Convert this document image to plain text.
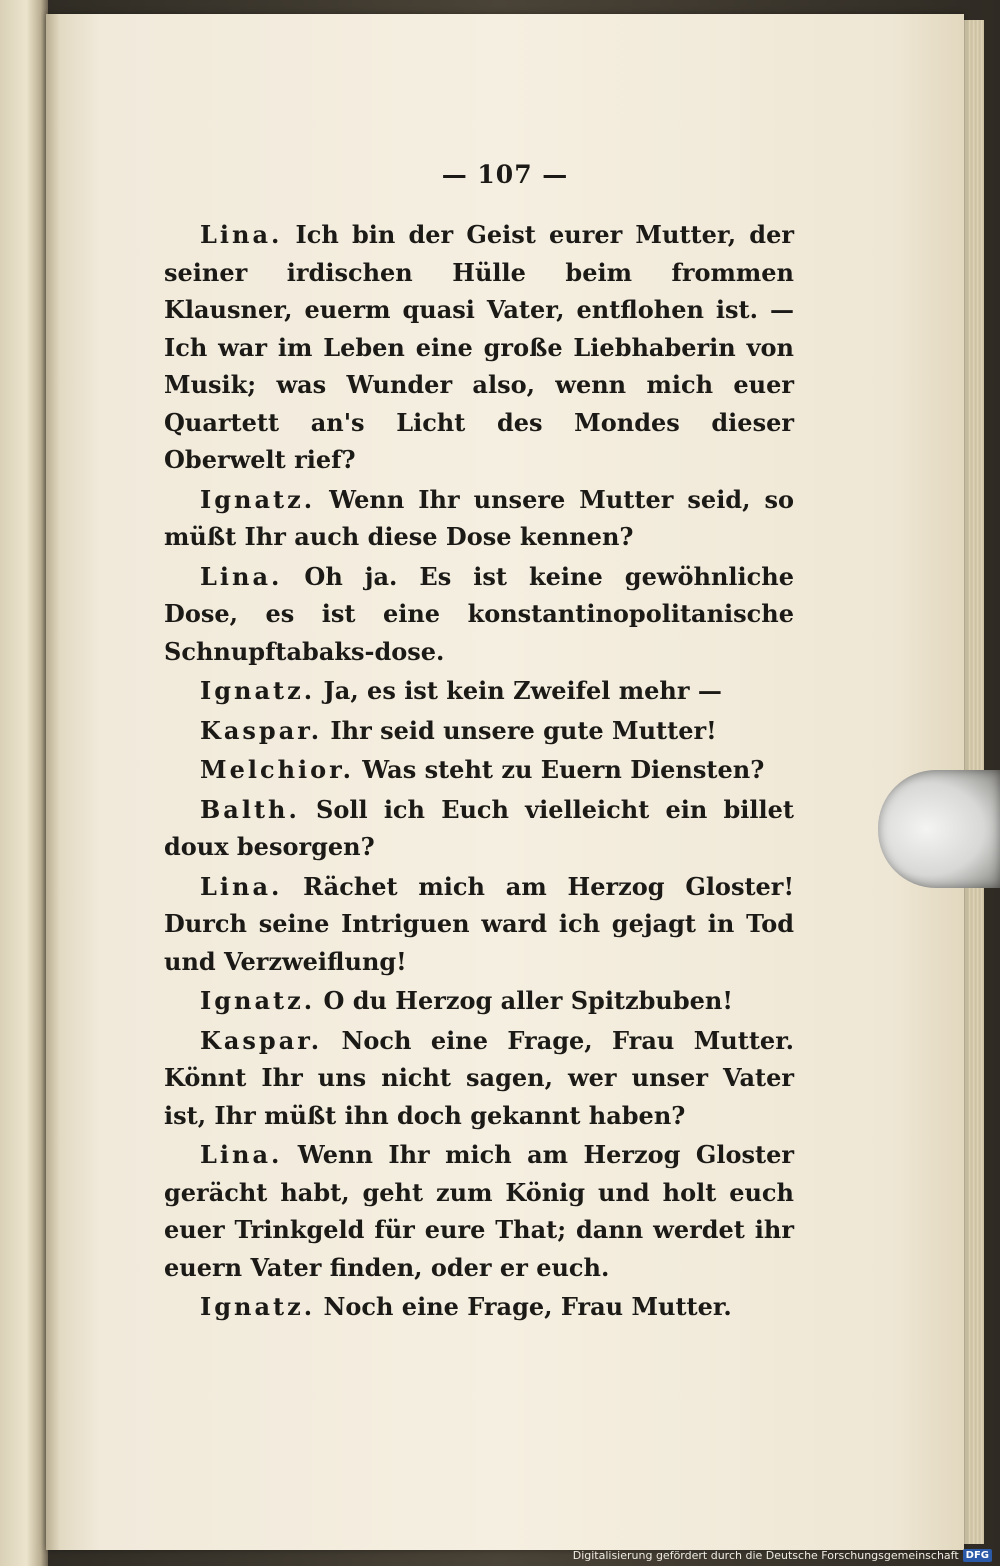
— 107 —

Lina. Ich bin der Geist eurer Mutter, der seiner irdischen Hülle beim frommen Klausner, euerm quasi Vater, entflohen ist. — Ich war im Leben eine große Liebhaberin von Musik; was Wunder also, wenn mich euer Quartett an's Licht des Mondes dieser Oberwelt rief?

Ignatz. Wenn Ihr unsere Mutter seid, so müßt Ihr auch diese Dose kennen?

Lina. Oh ja. Es ist keine gewöhnliche Dose, es ist eine konstantinopolitanische Schnupftabaks-dose.

Ignatz. Ja, es ist kein Zweifel mehr —

Kaspar. Ihr seid unsere gute Mutter!

Melchior. Was steht zu Euern Diensten?

Balth. Soll ich Euch vielleicht ein billet doux besorgen?

Lina. Rächet mich am Herzog Gloster! Durch seine Intriguen ward ich gejagt in Tod und Verzweiflung!

Ignatz. O du Herzog aller Spitzbuben!

Kaspar. Noch eine Frage, Frau Mutter. Könnt Ihr uns nicht sagen, wer unser Vater ist, Ihr müßt ihn doch gekannt haben?

Lina. Wenn Ihr mich am Herzog Gloster gerächt habt, geht zum König und holt euch euer Trinkgeld für eure That; dann werdet ihr euern Vater finden, oder er euch.

Ignatz. Noch eine Frage, Frau Mutter.

Digitalisierung gefördert durch die Deutsche Forschungsgemeinschaft DFG
